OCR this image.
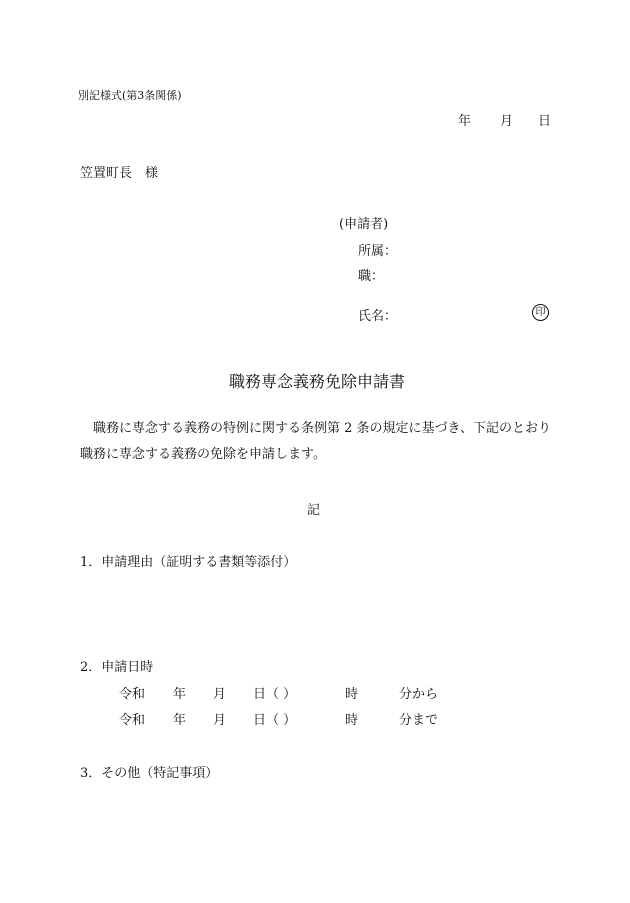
別記様式(第3条関係)
年 月 日
笠置町長　様
(申請者)
所属：
職：
氏名：	印
職務専念義務免除申請書
職務に専念する義務の特例に関する条例第 2 条の規定に基づき、下記のとおり職務に専念する義務の免除を申請します。
記
1．申請理由（証明する書類等添付）
2．申請日時
令和 年 月 日（ ）	時	分から
令和 年 月 日（ ）	時	分まで
3．その他（特記事項）
